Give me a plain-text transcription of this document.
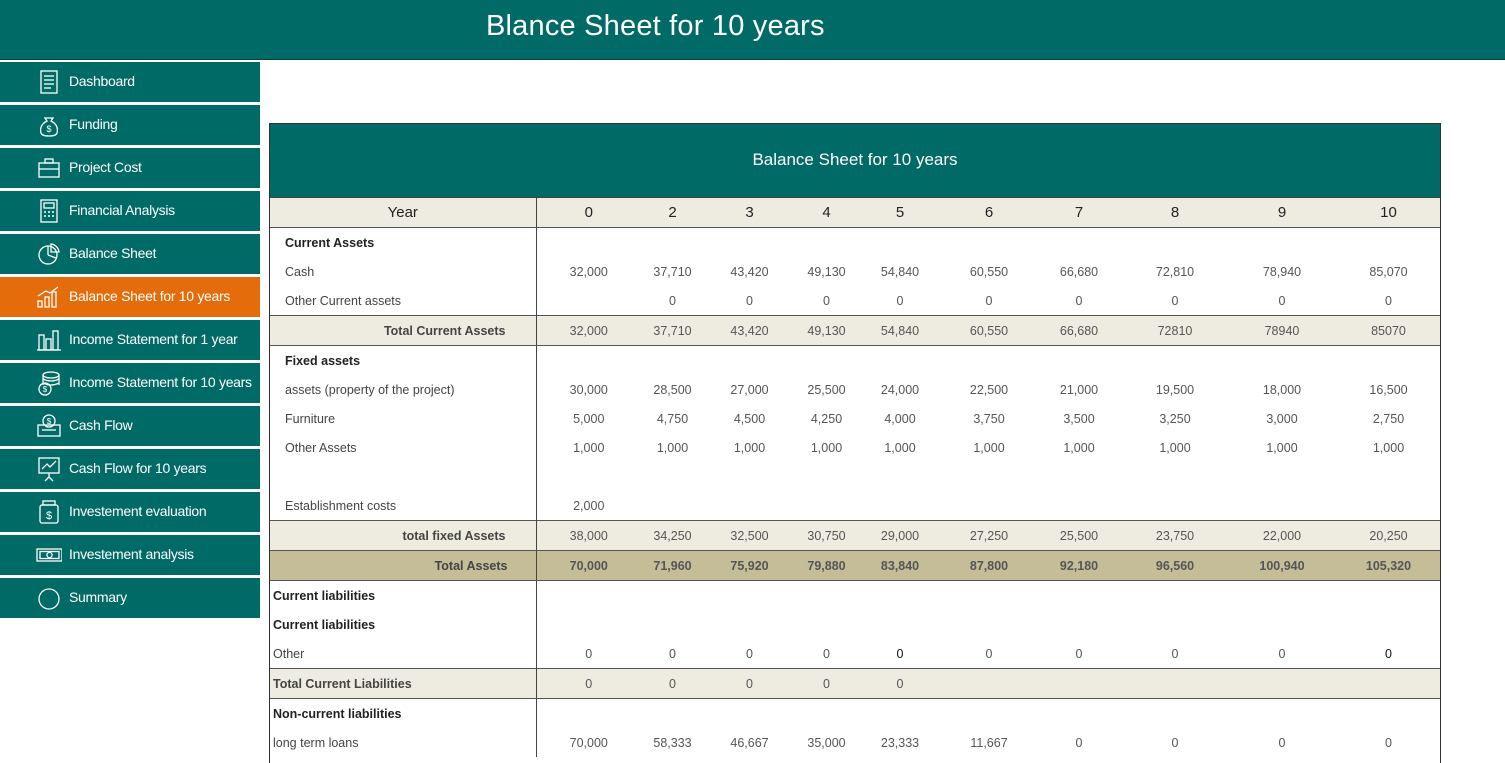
Blance Sheet for 10 years
Dashboard
$ Funding
Project Cost
Financial Analysis
Balance Sheet
Balance Sheet for 10 years
Income Statement for 1 year
$ Income Statement for 10 years
$ Cash Flow
Cash Flow for 10 years
$ Investement evaluation
Investement analysis
Summary
Balance Sheet for 10 years
Year	0	2	3	4	5	6	7	8	9	10
Current Assets										
Cash	32,000	37,710	43,420	49,130	54,840	60,550	66,680	72,810	78,940	85,070
Other Current assets		0	0	0	0	0	0	0	0	0
Total Current Assets	32,000	37,710	43,420	49,130	54,840	60,550	66,680	72810	78940	85070
Fixed assets										
assets (property of the project)	30,000	28,500	27,000	25,500	24,000	22,500	21,000	19,500	18,000	16,500
Furniture	5,000	4,750	4,500	4,250	4,000	3,750	3,500	3,250	3,000	2,750
Other Assets	1,000	1,000	1,000	1,000	1,000	1,000	1,000	1,000	1,000	1,000

Establishment costs	2,000									
total fixed Assets	38,000	34,250	32,500	30,750	29,000	27,250	25,500	23,750	22,000	20,250
Total Assets	70,000	71,960	75,920	79,880	83,840	87,800	92,180	96,560	100,940	105,320
Current liabilities										
Current liabilities										
Other	0	0	0	0	0	0	0	0	0	0
Total Current Liabilities	0	0	0	0	0					
Non-current liabilities										
long term loans	70,000	58,333	46,667	35,000	23,333	11,667	0	0	0	0
